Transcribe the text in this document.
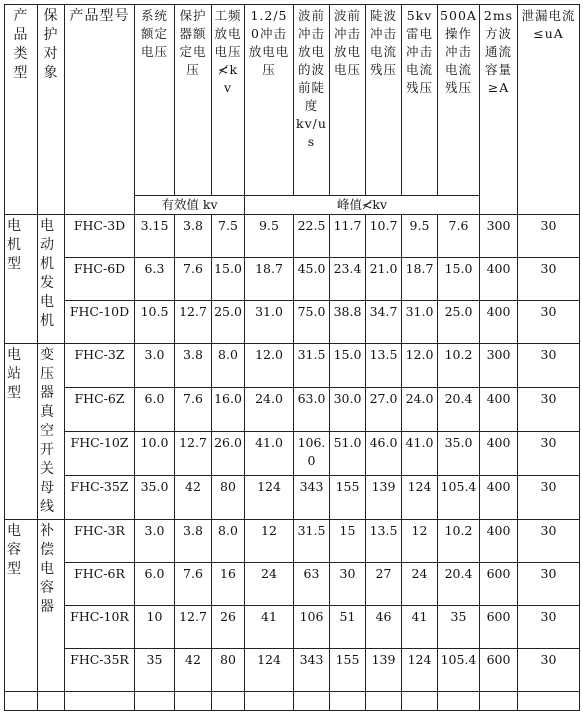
产品类型	保护对象	产品型号	系统额定电压	保护器额定电压	工频放电电压≮kv	1.2/50冲击放电电压	波前冲击放电的波前陡度kv/us	波前冲击放电电压	陡波冲击电流残压	5kv雷电冲击电流残压	500A操作冲击电流残压	2ms方波通流容量≥A	泄漏电流≤uA
			有效值 kv			峰值≮kv							
电机型	电动机发电机	FHC-3D	3.15	3.8	7.5	9.5	22.5	11.7	10.7	9.5	7.6	300	30
		FHC-6D	6.3	7.6	15.0	18.7	45.0	23.4	21.0	18.7	15.0	400	30
		FHC-10D	10.5	12.7	25.0	31.0	75.0	38.8	34.7	31.0	25.0	400	30
电站型	变压器真空开关母线	FHC-3Z	3.0	3.8	8.0	12.0	31.5	15.0	13.5	12.0	10.2	300	30
		FHC-6Z	6.0	7.6	16.0	24.0	63.0	30.0	27.0	24.0	20.4	400	30
		FHC-10Z	10.0	12.7	26.0	41.0	106.0	51.0	46.0	41.0	35.0	400	30
		FHC-35Z	35.0	42	80	124	343	155	139	124	105.4	400	30
电容型	补偿电容器	FHC-3R	3.0	3.8	8.0	12	31.5	15	13.5	12	10.2	400	30
		FHC-6R	6.0	7.6	16	24	63	30	27	24	20.4	600	30
		FHC-10R	10	12.7	26	41	106	51	46	41	35	600	30
		FHC-35R	35	42	80	124	343	155	139	124	105.4	600	30
